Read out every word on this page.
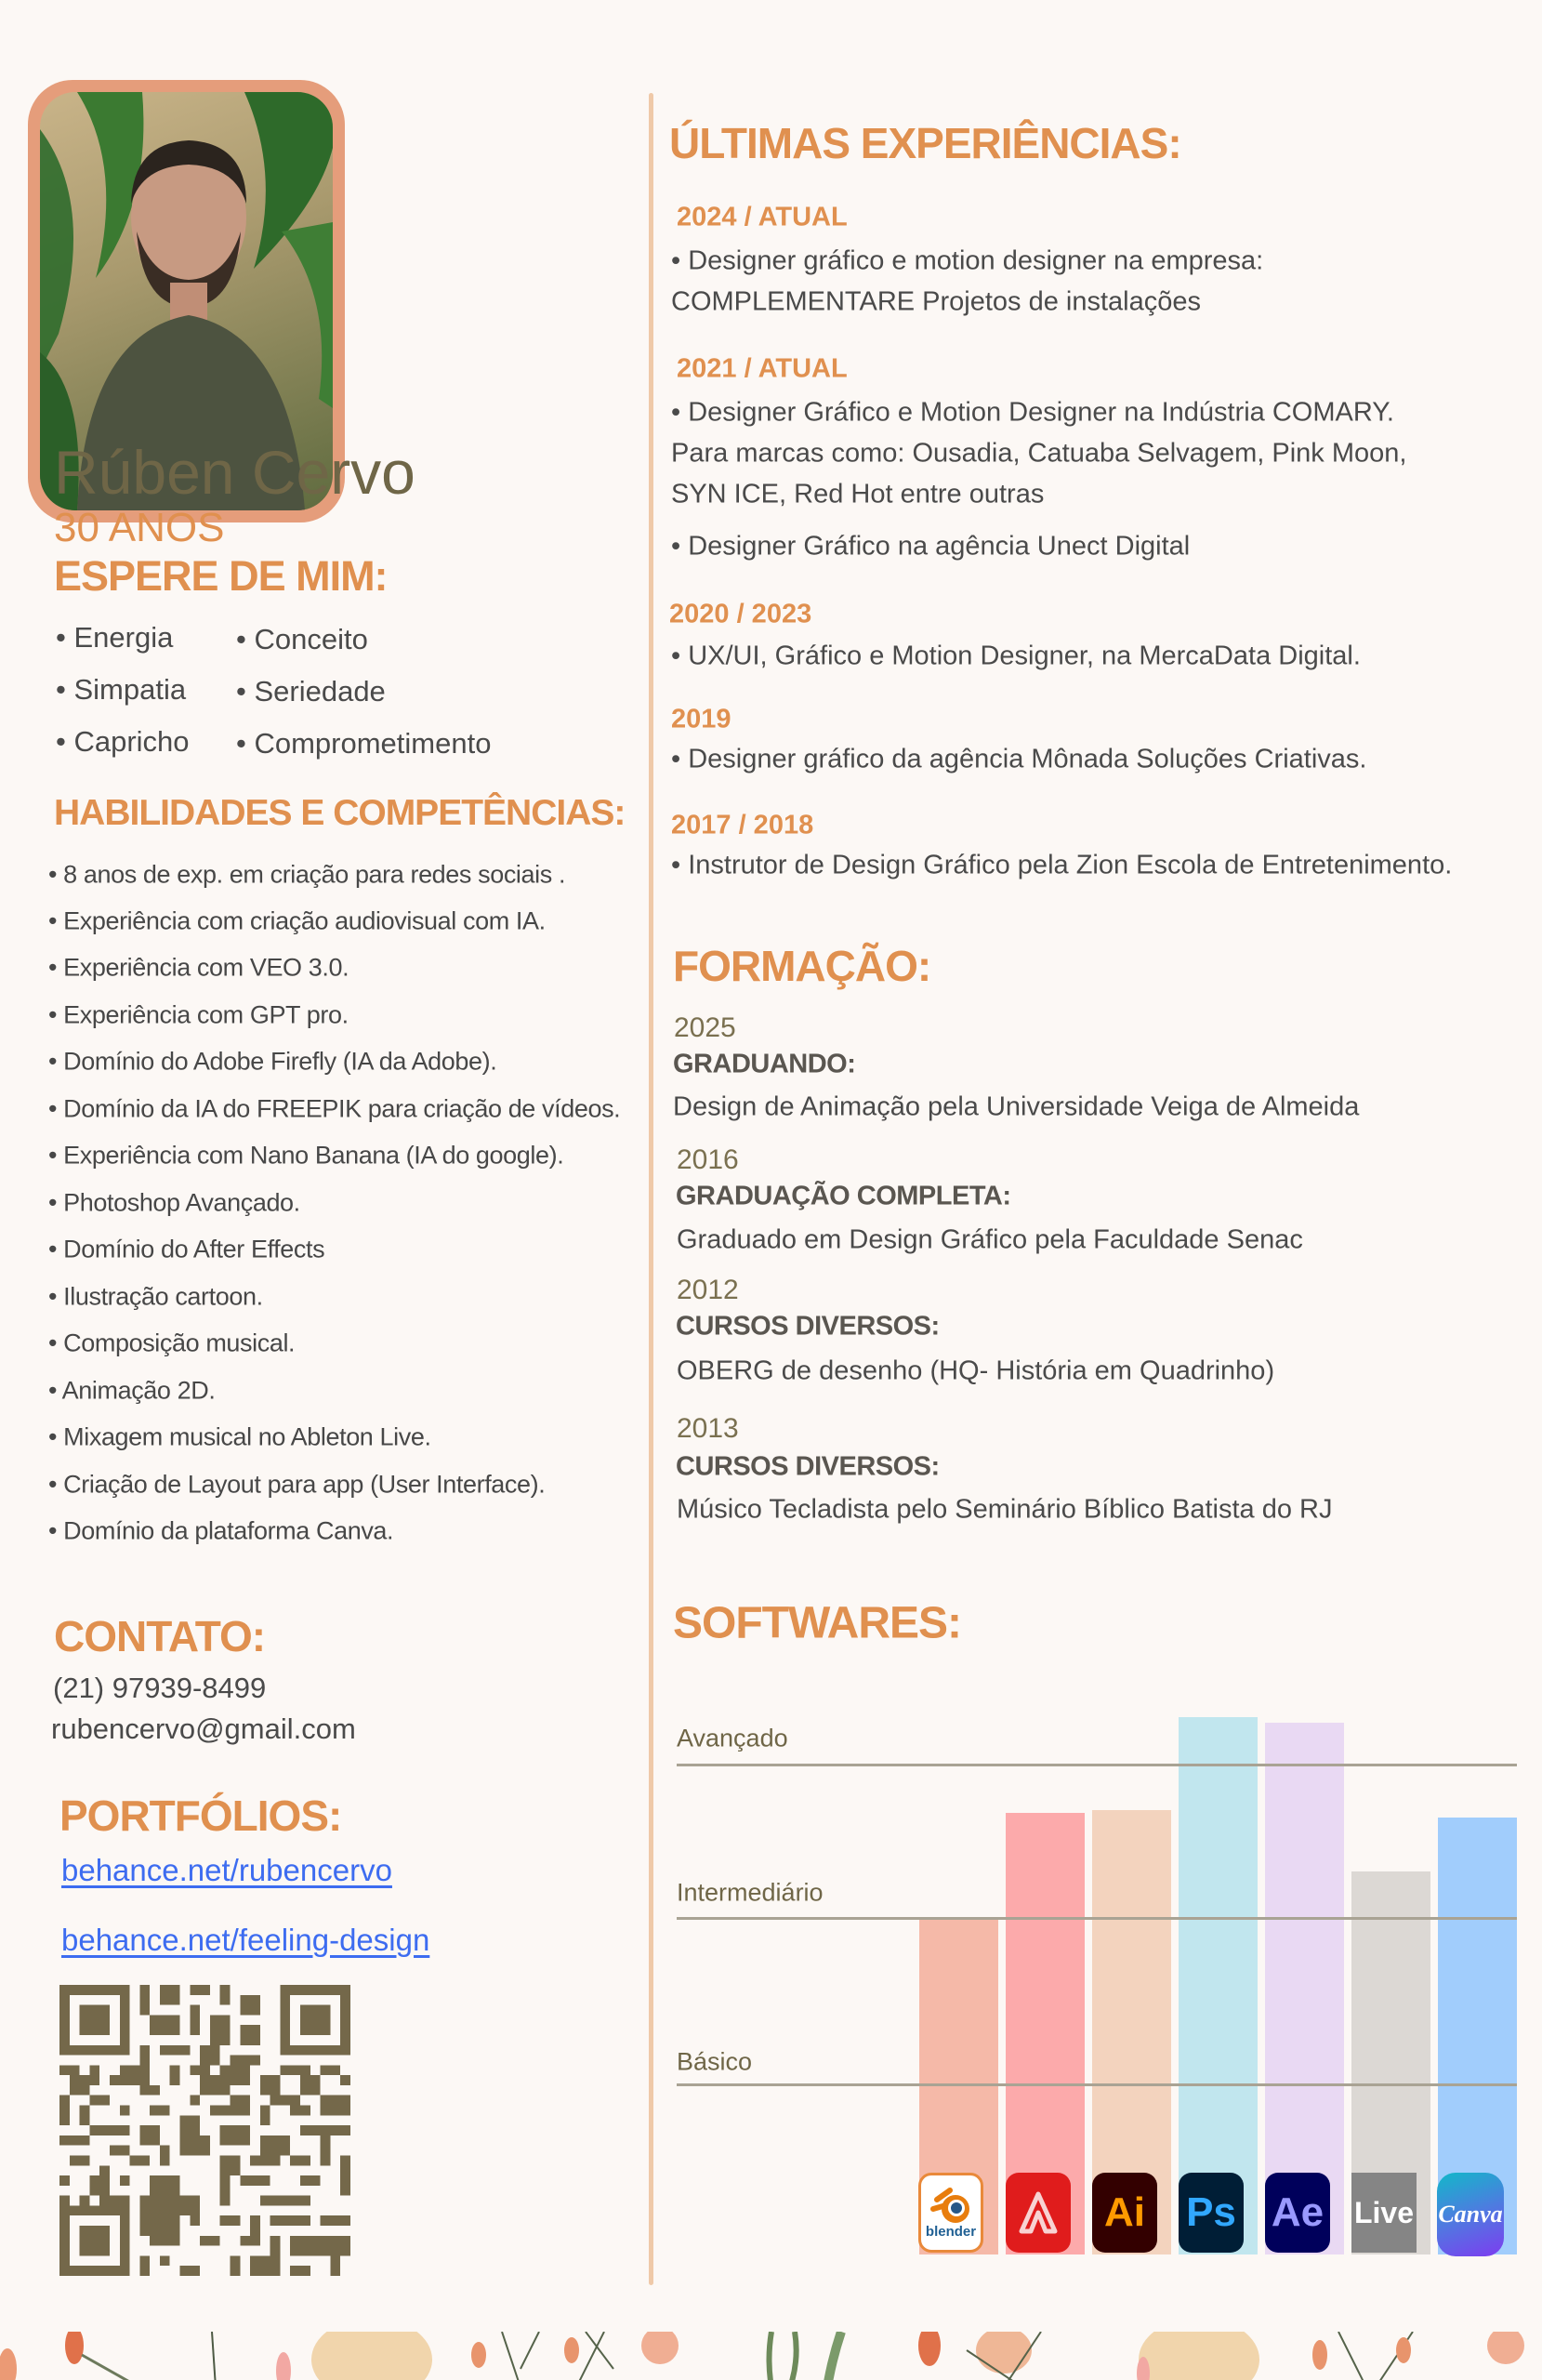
Rúben Cervo
30 ANOS
ESPERE DE MIM:
• Energia
• Simpatia
• Capricho
• Conceito
• Seriedade
• Comprometimento
HABILIDADES E COMPETÊNCIAS:
• 8 anos de exp. em criação para redes sociais .
• Experiência com criação audiovisual com IA.
• Experiência com VEO 3.0.
• Experiência com GPT pro.
• Domínio do Adobe Firefly (IA da Adobe).
• Domínio da IA do FREEPIK para criação de vídeos.
• Experiência com Nano Banana (IA do google).
• Photoshop Avançado.
• Domínio do After Effects
• Ilustração cartoon.
• Composição musical.
• Animação 2D.
• Mixagem musical no Ableton Live.
• Criação de Layout para app (User Interface).
• Domínio da plataforma Canva.
CONTATO:
(21) 97939-8499
rubencervo@gmail.com
PORTFÓLIOS:
behance.net/rubencervo
behance.net/feeling-design
ÚLTIMAS EXPERIÊNCIAS:
2024 / ATUAL
• Designer gráfico e motion designer na empresa:
COMPLEMENTARE Projetos de instalações
2021 / ATUAL
• Designer Gráfico e Motion Designer na Indústria COMARY.
Para marcas como: Ousadia, Catuaba Selvagem, Pink Moon,
SYN ICE, Red Hot entre outras
• Designer Gráfico na agência Unect Digital
2020 / 2023
• UX/UI, Gráfico e Motion Designer, na MercaData Digital.
2019
• Designer gráfico da agência Mônada Soluções Criativas.
2017 / 2018
• Instrutor de Design Gráfico pela Zion Escola de Entretenimento.
FORMAÇÃO:
2025
GRADUANDO:
Design de Animação pela Universidade Veiga de Almeida
2016
GRADUAÇÃO COMPLETA:
Graduado em Design Gráfico pela Faculdade Senac
2012
CURSOS DIVERSOS:
OBERG de desenho (HQ- História em Quadrinho)
2013
CURSOS DIVERSOS:
Músico Tecladista pelo Seminário Bíblico Batista do RJ
SOFTWARES:
Avançado
Intermediário
Básico
blender	Ai Ps Ae Live Canva
